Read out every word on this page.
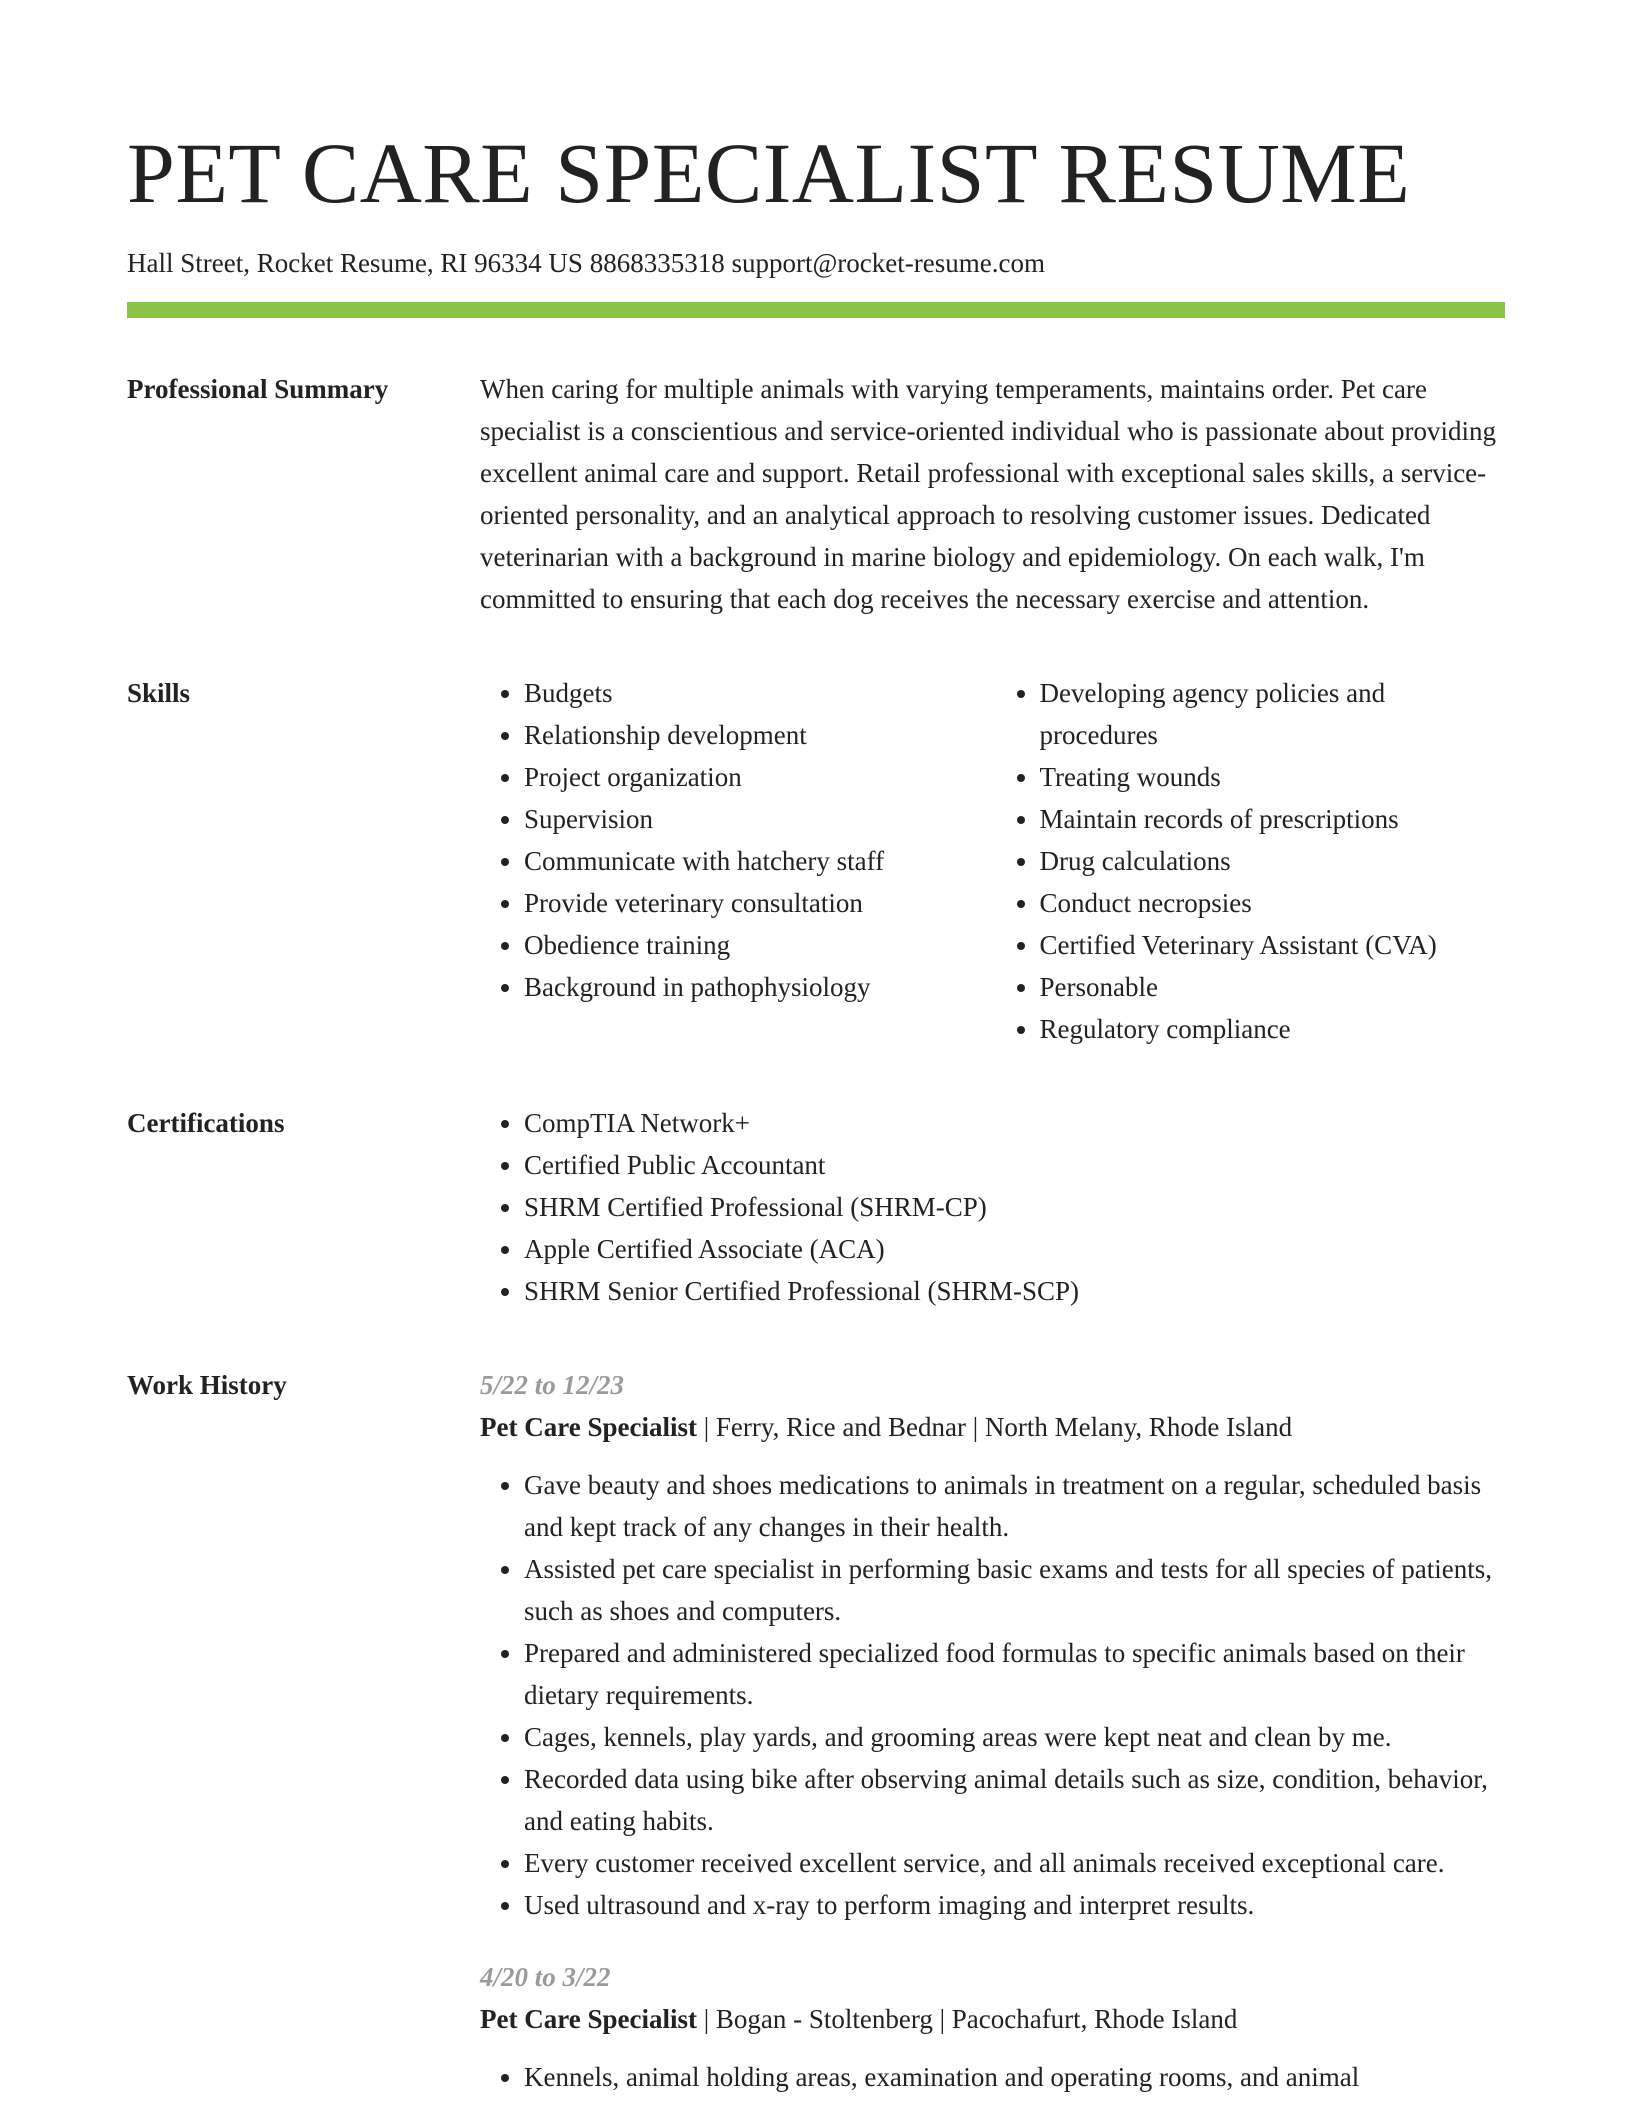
PET CARE SPECIALIST RESUME
Hall Street, Rocket Resume, RI 96334 US 8868335318 support@rocket-resume.com
Professional Summary	When caring for multiple animals with varying temperaments, maintains order. Pet care specialist is a conscientious and service-oriented individual who is passionate about providing excellent animal care and support. Retail professional with exceptional sales skills, a service-oriented personality, and an analytical approach to resolving customer issues. Dedicated veterinarian with a background in marine biology and epidemiology. On each walk, I'm committed to ensuring that each dog receives the necessary exercise and attention.

Skills	• Budgets
• Relationship development
• Project organization
• Supervision
• Communicate with hatchery staff
• Provide veterinary consultation
• Obedience training
• Background in pathophysiology
• Developing agency policies and procedures
• Treating wounds
• Maintain records of prescriptions
• Drug calculations
• Conduct necropsies
• Certified Veterinary Assistant (CVA)
• Personable
• Regulatory compliance
Certifications	• CompTIA Network+
• Certified Public Accountant
• SHRM Certified Professional (SHRM-CP)
• Apple Certified Associate (ACA)
• SHRM Senior Certified Professional (SHRM-SCP)
Work History	5/22 to 12/23
Pet Care Specialist | Ferry, Rice and Bednar | North Melany, Rhode Island
• Gave beauty and shoes medications to animals in treatment on a regular, scheduled basis and kept track of any changes in their health.
• Assisted pet care specialist in performing basic exams and tests for all species of patients, such as shoes and computers.
• Prepared and administered specialized food formulas to specific animals based on their dietary requirements.
• Cages, kennels, play yards, and grooming areas were kept neat and clean by me.
• Recorded data using bike after observing animal details such as size, condition, behavior, and eating habits.
• Every customer received excellent service, and all animals received exceptional care.
• Used ultrasound and x-ray to perform imaging and interpret results.
4/20 to 3/22
Pet Care Specialist | Bogan - Stoltenberg | Pacochafurt, Rhode Island
• Kennels, animal holding areas, examination and operating rooms, and animal
